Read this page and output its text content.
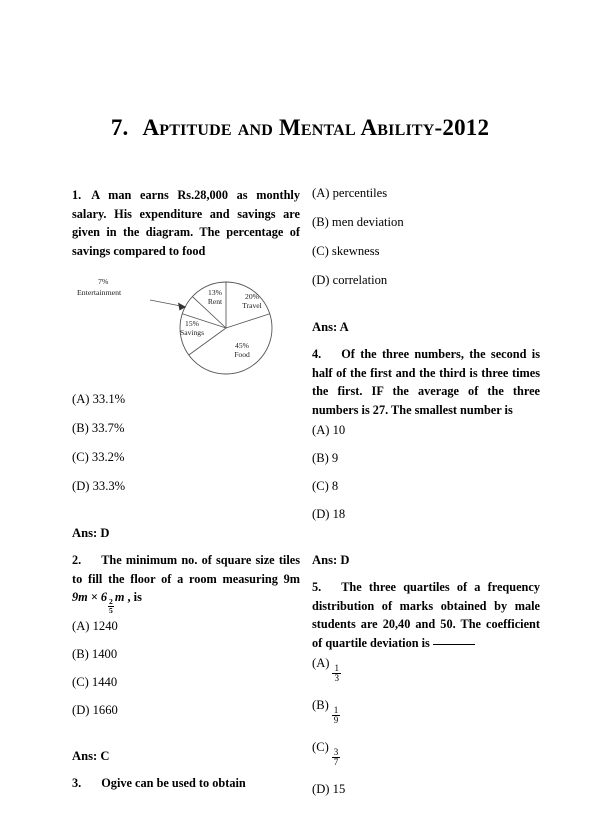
7. Aptitude and Mental Ability-2012

1. A man earns Rs.28,000 as monthly salary. His expenditure and savings are given in the diagram. The percentage of savings compared to food

(A) 33.1%

(B) 33.7%

(C) 33.2%

(D) 33.3%

Ans: D

2. The minimum no. of square size tiles to fill the floor of a room measuring 9m 9m × 6
$\frac{2}{5}$
m , is

(A) 1240

(B) 1400

(C) 1440

(D) 1660

Ans: C

3. Ogive can be used to obtain

13%
Rent
20%
Travel
45%
Food
15%
Savings
7%
Entertainment

(A) percentiles

(B) men deviation

(C) skewness

(D) correlation

Ans: A

4. Of the three numbers, the second is half of the first and the third is three times the first. IF the average of the three numbers is 27. The smallest number is

(A) 10

(B) 9

(C) 8

(D) 18

Ans: D

5. The three quartiles of a frequency distribution of marks obtained by male students are 20,40 and 50. The coefficient of quartile deviation is

(A)
$\frac{1}{3}$

(B)
$\frac{1}{9}$

(C)
$\frac{3}{7}$

(D) 15
